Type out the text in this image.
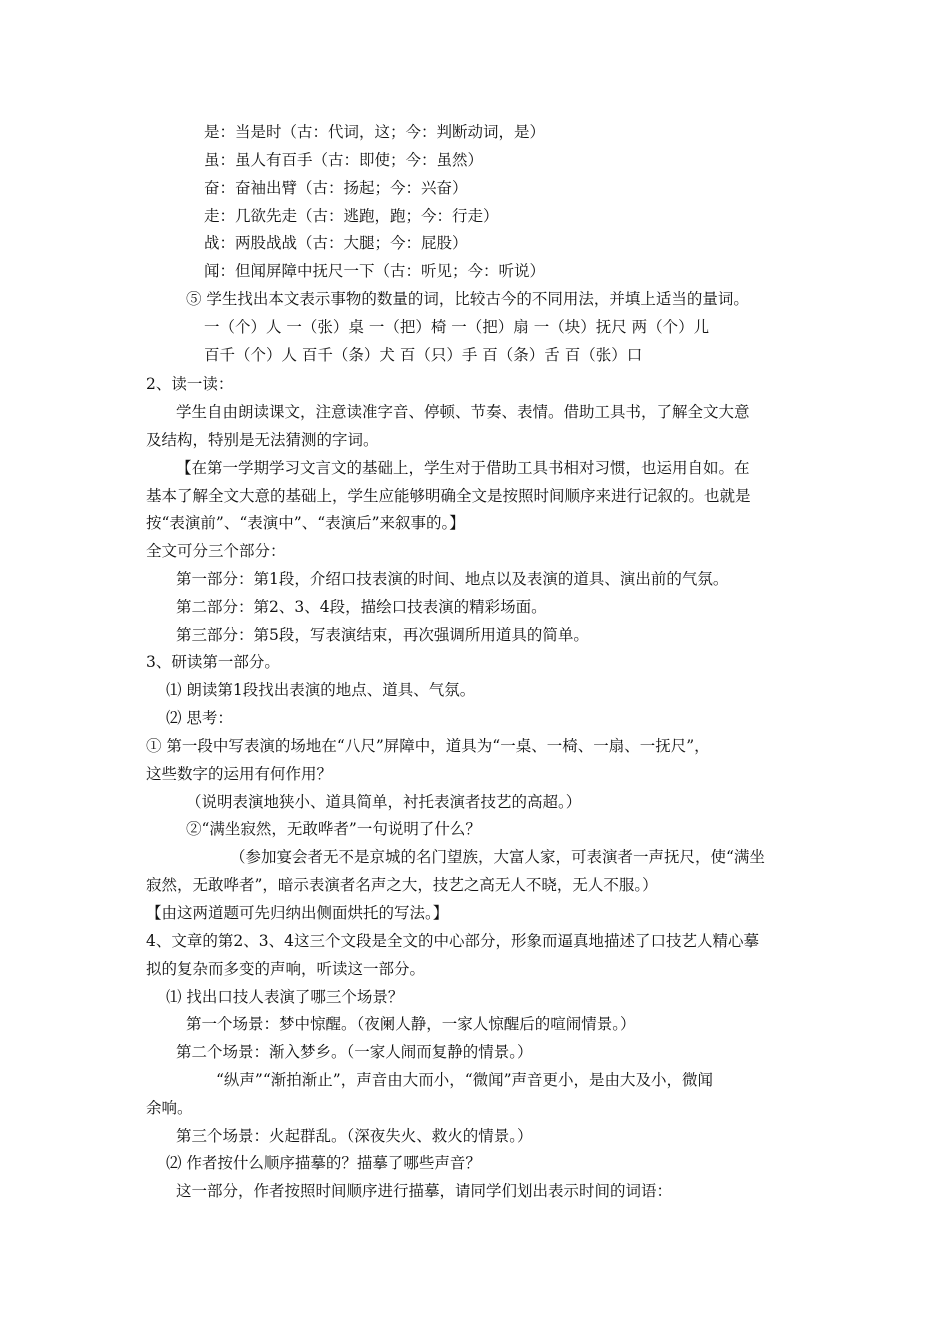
是：当是时（古：代词，这；今：判断动词，是）
虽：虽人有百手（古：即使；今：虽然）
奋：奋袖出臂（古：扬起；今：兴奋）
走：几欲先走（古：逃跑，跑；今：行走）
战：两股战战（古：大腿；今：屁股）
闻：但闻屏障中抚尺一下（古：听见；今：听说）
⑤ 学生找出本文表示事物的数量的词，比较古今的不同用法，并填上适当的量词。
一（个）人 一（张）桌 一（把）椅 一（把）扇 一（块）抚尺 两（个）儿
百千（个）人 百千（条）犬 百（只）手 百（条）舌 百（张）口
2、读一读：
学生自由朗读课文，注意读准字音、停顿、节奏、表情。借助工具书，了解全文大意
及结构，特别是无法猜测的字词。
【在第一学期学习文言文的基础上，学生对于借助工具书相对习惯，也运用自如。在
基本了解全文大意的基础上，学生应能够明确全文是按照时间顺序来进行记叙的。也就是
按“表演前”、“表演中”、“表演后”来叙事的。】
全文可分三个部分：
第一部分：第1段，介绍口技表演的时间、地点以及表演的道具、演出前的气氛。
第二部分：第2、3、4段，描绘口技表演的精彩场面。
第三部分：第5段，写表演结束，再次强调所用道具的简单。
3、研读第一部分。
⑴ 朗读第1段找出表演的地点、道具、气氛。
⑵ 思考：
① 第一段中写表演的场地在“八尺”屏障中，道具为“一桌、一椅、一扇、一抚尺”，
这些数字的运用有何作用？
（说明表演地狭小、道具简单，衬托表演者技艺的高超。）
②“满坐寂然，无敢哗者”一句说明了什么？
（参加宴会者无不是京城的名门望族，大富人家，可表演者一声抚尺，使“满坐
寂然，无敢哗者”，暗示表演者名声之大，技艺之高无人不晓，无人不服。）
【由这两道题可先归纳出侧面烘托的写法。】
4、文章的第2、3、4这三个文段是全文的中心部分，形象而逼真地描述了口技艺人精心摹
拟的复杂而多变的声响，听读这一部分。
⑴ 找出口技人表演了哪三个场景？
第一个场景：梦中惊醒。（夜阑人静，一家人惊醒后的喧闹情景。）
第二个场景：渐入梦乡。（一家人闹而复静的情景。）
“纵声”“渐拍渐止”，声音由大而小，“微闻”声音更小，是由大及小，微闻
余响。
第三个场景：火起群乱。（深夜失火、救火的情景。）
⑵ 作者按什么顺序描摹的？描摹了哪些声音？
这一部分，作者按照时间顺序进行描摹，请同学们划出表示时间的词语：
